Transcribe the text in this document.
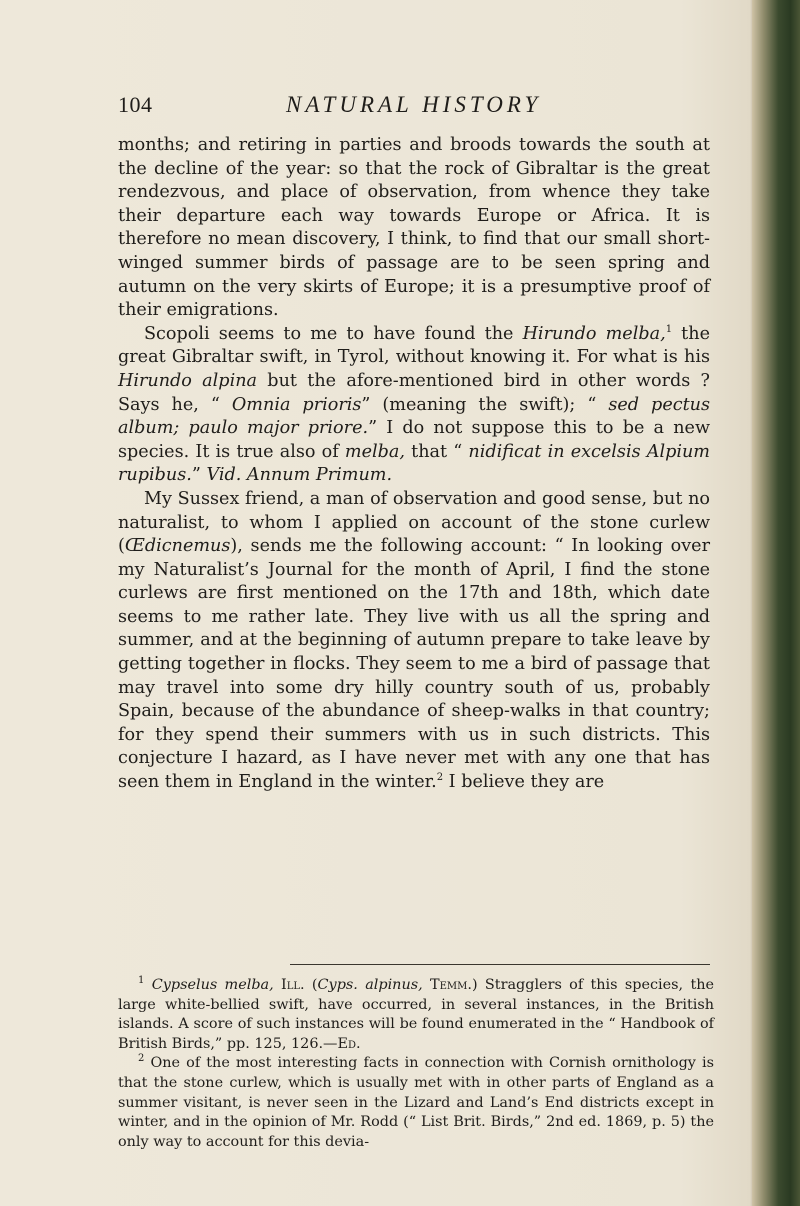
104	NATURAL HISTORY

months; and retiring in parties and broods towards the south at the decline of the year: so that the rock of Gibraltar is the great rendezvous, and place of observation, from whence they take their departure each way towards Europe or Africa. It is therefore no mean discovery, I think, to find that our small short-winged summer birds of passage are to be seen spring and autumn on the very skirts of Europe; it is a presumptive proof of their emigrations.

Scopoli seems to me to have found the Hirundo melba,$^1$ the great Gibraltar swift, in Tyrol, without knowing it. For what is his Hirundo alpina but the afore-mentioned bird in other words ? Says he, “ Omnia prioris” (meaning the swift); “ sed pectus album; paulo major priore.” I do not suppose this to be a new species. It is true also of melba, that “ nidificat in excelsis Alpium rupibus.” Vid. Annum Primum.

My Sussex friend, a man of observation and good sense, but no naturalist, to whom I applied on account of the stone curlew (Œdicnemus), sends me the following account: “ In looking over my Naturalist’s Journal for the month of April, I find the stone curlews are first mentioned on the 17th and 18th, which date seems to me rather late. They live with us all the spring and summer, and at the beginning of autumn prepare to take leave by getting together in flocks. They seem to me a bird of passage that may travel into some dry hilly country south of us, probably Spain, because of the abundance of sheep-walks in that country; for they spend their summers with us in such districts. This conjecture I hazard, as I have never met with any one that has seen them in England in the winter.$^2$ I believe they are

$^1$ Cypselus melba, Ill. (Cyps. alpinus, Temm.) Stragglers of this species, the large white-bellied swift, have occurred, in several instances, in the British islands. A score of such instances will be found enumerated in the “ Handbook of British Birds,” pp. 125, 126.—Ed.

$^2$ One of the most interesting facts in connection with Cornish ornithology is that the stone curlew, which is usually met with in other parts of England as a summer visitant, is never seen in the Lizard and Land’s End districts except in winter, and in the opinion of Mr. Rodd (“ List Brit. Birds,” 2nd ed. 1869, p. 5) the only way to account for this devia-
